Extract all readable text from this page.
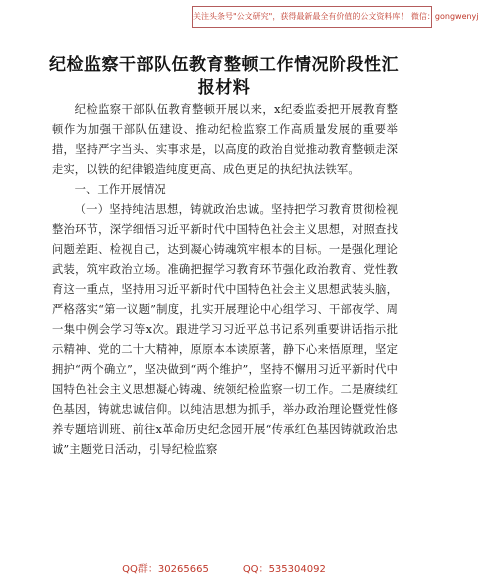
关注头条号"公文研究"，获得最新最全有价值的公文资料库！ 微信：gongwenyj
纪检监察干部队伍教育整顿工作情况阶段性汇报材料

纪检监察干部队伍教育整顿开展以来，x纪委监委把开展教育整顿作为加强干部队伍建设、推动纪检监察工作高质量发展的重要举措，坚持严字当头、实事求是，以高度的政治自觉推动教育整顿走深走实，以铁的纪律锻造纯度更高、成色更足的执纪执法铁军。

一、工作开展情况

（一）坚持纯洁思想，铸就政治忠诚。坚持把学习教育贯彻检视整治环节，深学细悟习近平新时代中国特色社会主义思想，对照查找问题差距、检视自己，达到凝心铸魂筑牢根本的目标。一是强化理论武装，筑牢政治立场。准确把握学习教育环节强化政治教育、党性教育这一重点，坚持用习近平新时代中国特色社会主义思想武装头脑，严格落实“第一议题”制度，扎实开展理论中心组学习、干部夜学、周一集中例会学习等x次。跟进学习习近平总书记系列重要讲话指示批示精神、党的二十大精神，原原本本读原著，静下心来悟原理，坚定拥护“两个确立”，坚决做到“两个维护”，坚持不懈用习近平新时代中国特色社会主义思想凝心铸魂、统领纪检监察一切工作。二是赓续红色基因，铸就忠诚信仰。以纯洁思想为抓手，举办政治理论暨党性修养专题培训班、前往x革命历史纪念园开展“传承红色基因铸就政治忠诚”主题党日活动，引导纪检监察

QQ群：30265665	QQ：535304092
